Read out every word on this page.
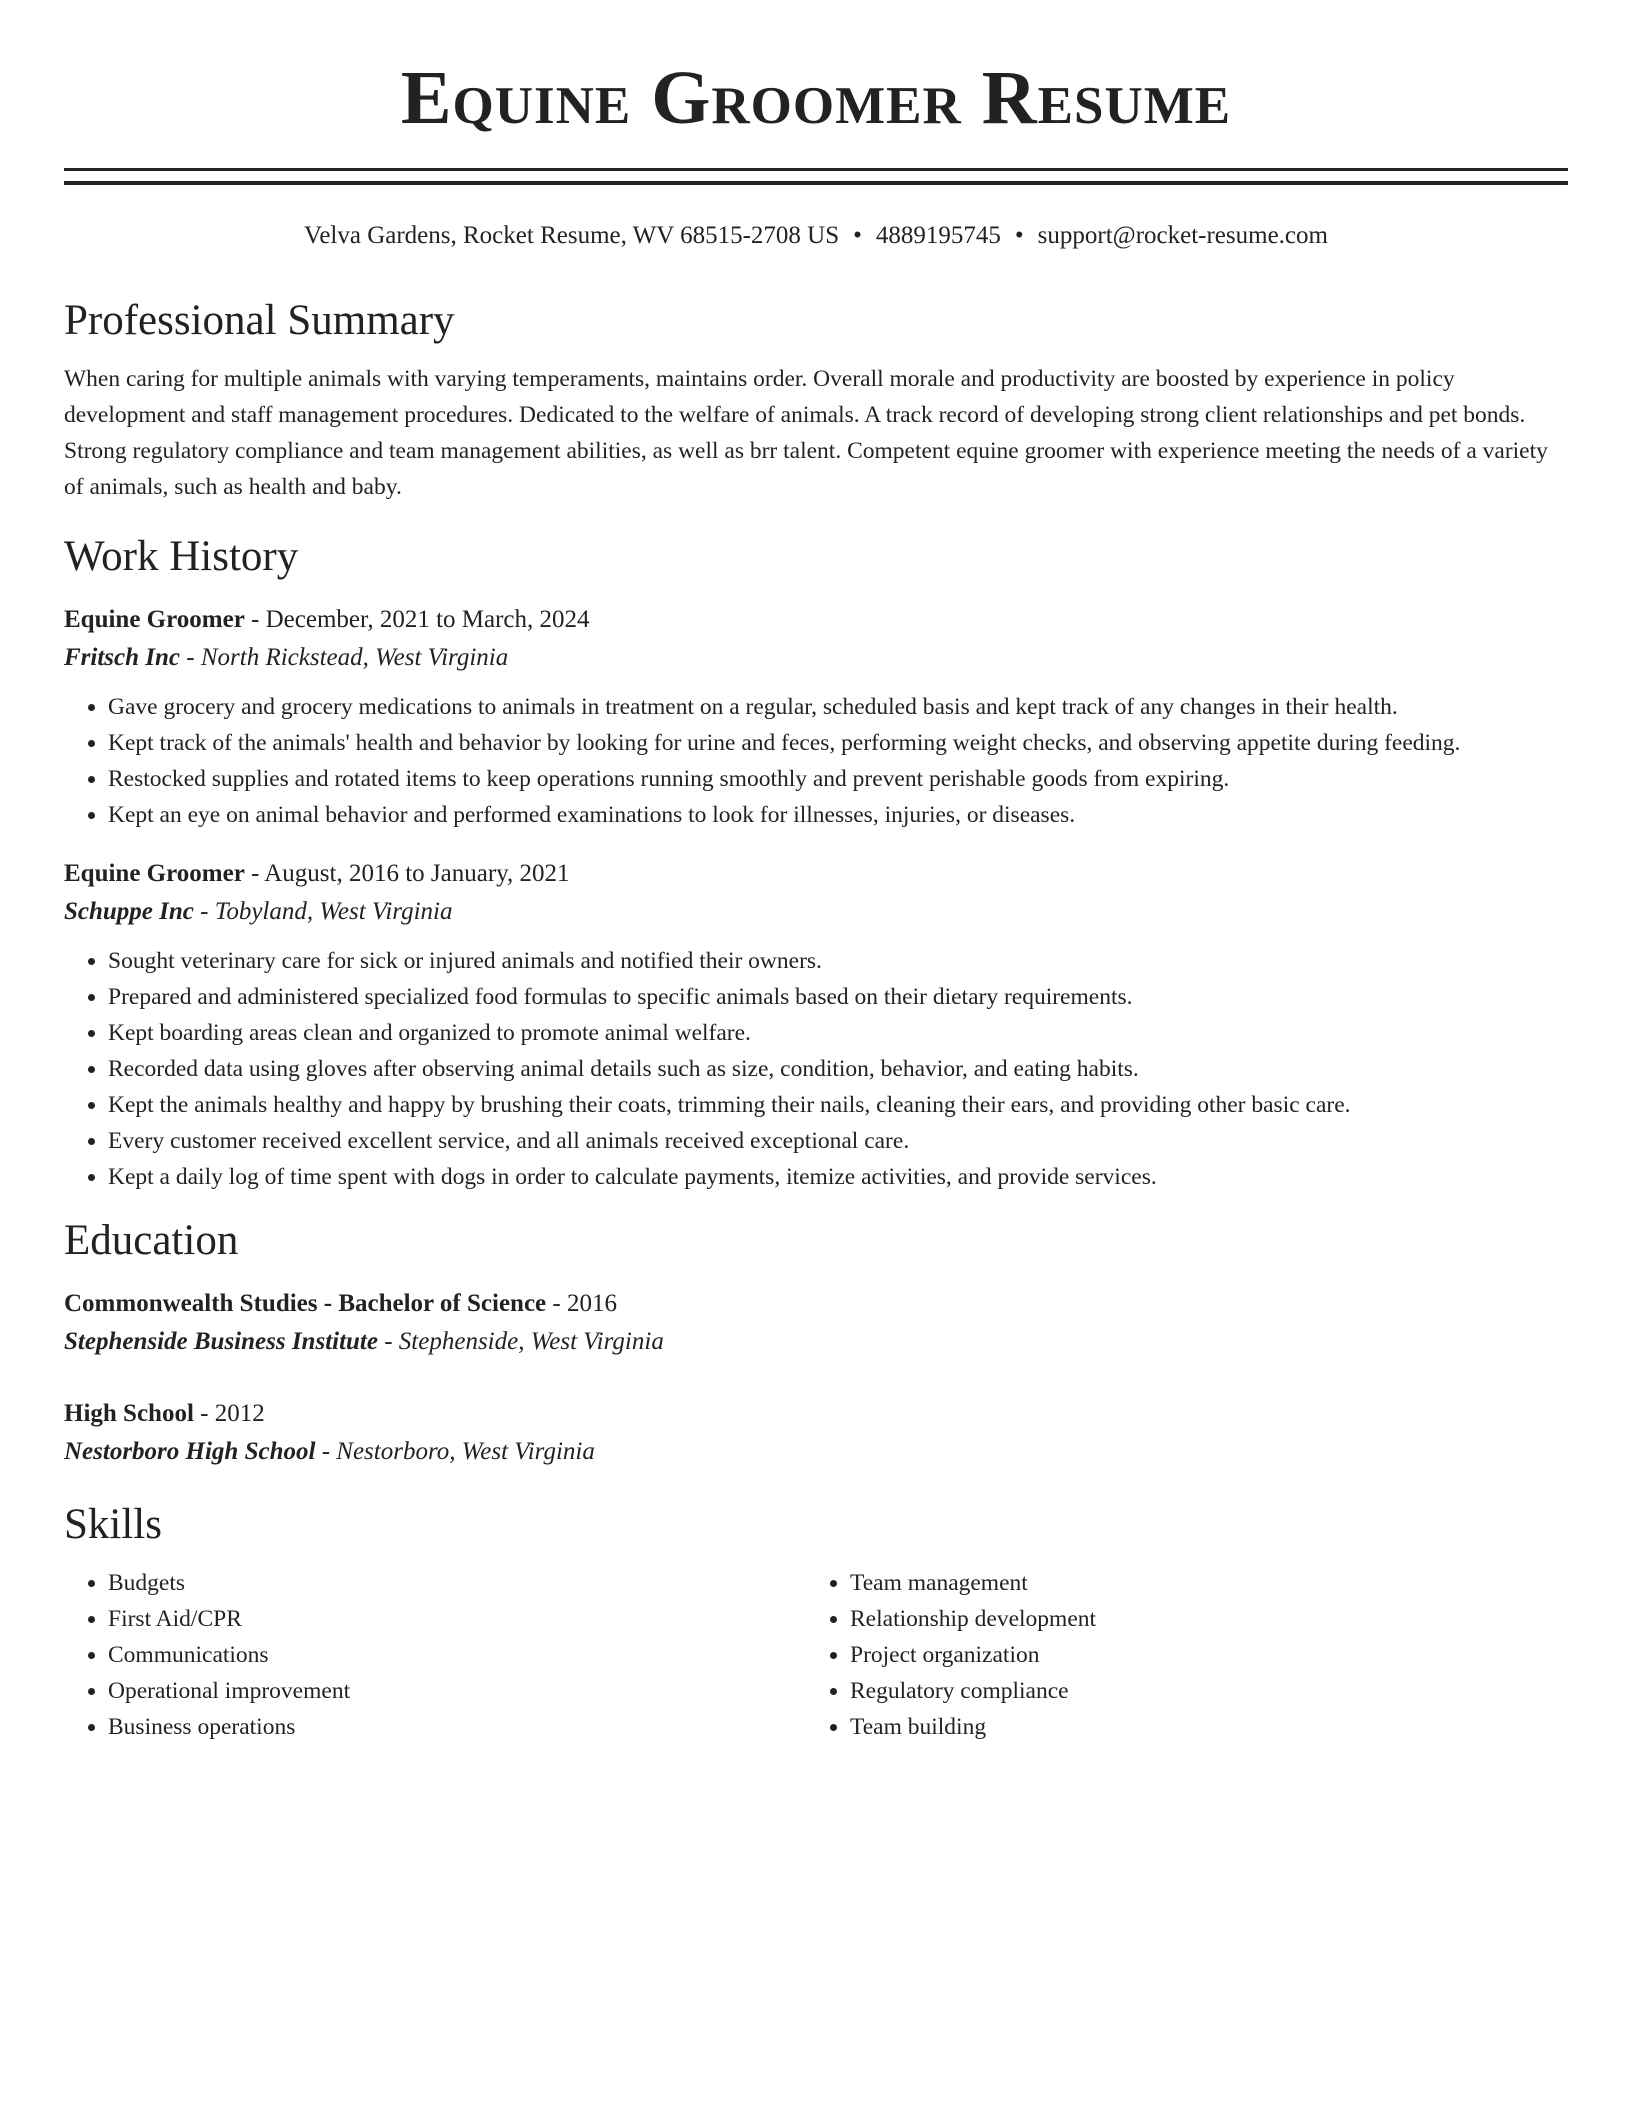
Equine Groomer Resume
Velva Gardens, Rocket Resume, WV 68515-2708 US • 4889195745 • support@rocket-resume.com
Professional Summary
When caring for multiple animals with varying temperaments, maintains order. Overall morale and productivity are boosted by experience in policy development and staff management procedures. Dedicated to the welfare of animals. A track record of developing strong client relationships and pet bonds. Strong regulatory compliance and team management abilities, as well as brr talent. Competent equine groomer with experience meeting the needs of a variety of animals, such as health and baby.
Work History
Equine Groomer - December, 2021 to March, 2024
Fritsch Inc - North Rickstead, West Virginia
• Gave grocery and grocery medications to animals in treatment on a regular, scheduled basis and kept track of any changes in their health.
• Kept track of the animals' health and behavior by looking for urine and feces, performing weight checks, and observing appetite during feeding.
• Restocked supplies and rotated items to keep operations running smoothly and prevent perishable goods from expiring.
• Kept an eye on animal behavior and performed examinations to look for illnesses, injuries, or diseases.
Equine Groomer - August, 2016 to January, 2021
Schuppe Inc - Tobyland, West Virginia
• Sought veterinary care for sick or injured animals and notified their owners.
• Prepared and administered specialized food formulas to specific animals based on their dietary requirements.
• Kept boarding areas clean and organized to promote animal welfare.
• Recorded data using gloves after observing animal details such as size, condition, behavior, and eating habits.
• Kept the animals healthy and happy by brushing their coats, trimming their nails, cleaning their ears, and providing other basic care.
• Every customer received excellent service, and all animals received exceptional care.
• Kept a daily log of time spent with dogs in order to calculate payments, itemize activities, and provide services.
Education
Commonwealth Studies - Bachelor of Science - 2016
Stephenside Business Institute - Stephenside, West Virginia
High School - 2012
Nestorboro High School - Nestorboro, West Virginia
Skills
• Budgets
• First Aid/CPR
• Communications
• Operational improvement
• Business operations
• Team management
• Relationship development
• Project organization
• Regulatory compliance
• Team building
